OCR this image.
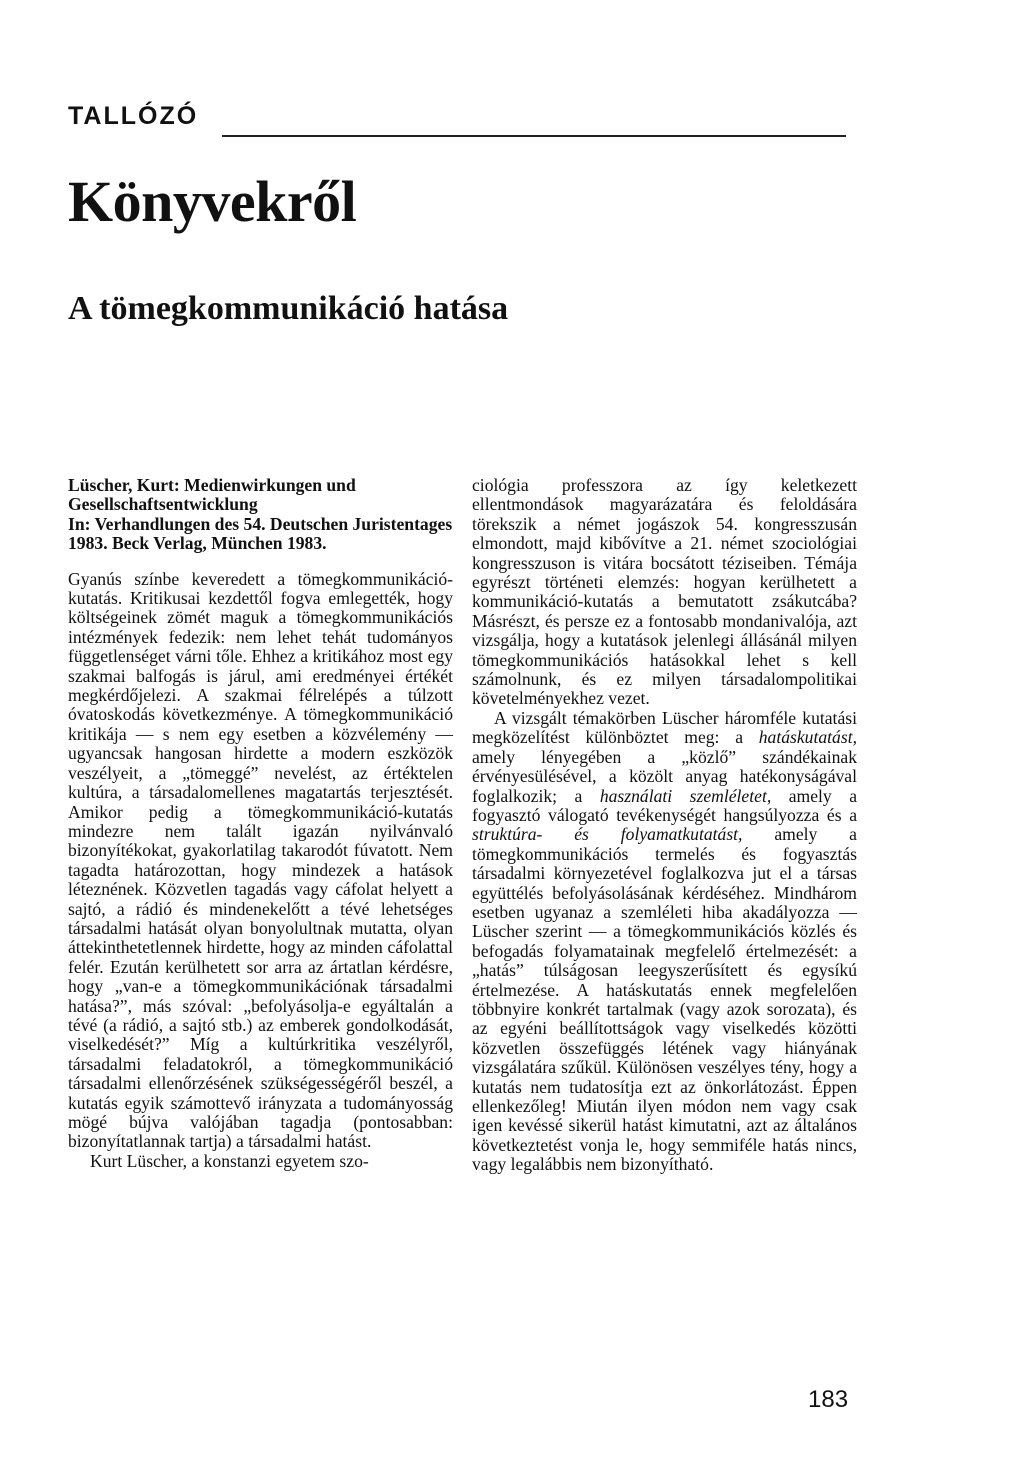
TALLÓZÓ
Könyvekről
A tömegkommunikáció hatása
Lüscher, Kurt: Medienwirkungen und Gesellschaftsentwicklung
In: Verhandlungen des 54. Deutschen Juristentages 1983. Beck Verlag, München 1983.

Gyanús színbe keveredett a tömegkommunikáció-kutatás. Kritikusai kezdettől fogva emlegették, hogy költségeinek zömét maguk a tömegkommunikációs intézmények fedezik: nem lehet tehát tudományos függetlenséget várni tőle. Ehhez a kritikához most egy szakmai balfogás is járul, ami eredményei értékét megkérdőjelezi. A szakmai félrelépés a túlzott óvatoskodás következménye. A tömegkommunikáció kritikája — s nem egy esetben a közvélemény — ugyancsak hangosan hirdette a modern eszközök veszélyeit, a „tömeggé” nevelést, az értéktelen kultúra, a társadalomellenes magatartás terjesztését. Amikor pedig a tömegkommunikáció-kutatás mindezre nem talált igazán nyilvánvaló bizonyítékokat, gyakorlatilag takarodót fúvatott. Nem tagadta határozottan, hogy mindezek a hatások léteznének. Közvetlen tagadás vagy cáfolat helyett a sajtó, a rádió és mindenekelőtt a tévé lehetséges társadalmi hatását olyan bonyolultnak mutatta, olyan áttekinthetetlennek hirdette, hogy az minden cáfolattal felér. Ezután kerülhetett sor arra az ártatlan kérdésre, hogy „van-e a tömegkommunikációnak társadalmi hatása?”, más szóval: „befolyásolja-e egyáltalán a tévé (a rádió, a sajtó stb.) az emberek gondolkodását, viselkedését?” Míg a kultúrkritika veszélyről, társadalmi feladatokról, a tömegkommunikáció társadalmi ellenőrzésének szükségességéről beszél, a kutatás egyik számottevő irányzata a tudományosság mögé bújva valójában tagadja (pontosabban: bizonyítatlannak tartja) a társadalmi hatást.

Kurt Lüscher, a konstanzi egyetem szo-

ciológia professzora az így keletkezett ellentmondások magyarázatára és feloldására törekszik a német jogászok 54. kongresszusán elmondott, majd kibővítve a 21. német szociológiai kongresszuson is vitára bocsátott téziseiben. Témája egyrészt történeti elemzés: hogyan kerülhetett a kommunikáció-kutatás a bemutatott zsákutcába? Másrészt, és persze ez a fontosabb mondanivalója, azt vizsgálja, hogy a kutatások jelenlegi állásánál milyen tömegkommunikációs hatásokkal lehet s kell számolnunk, és ez milyen társadalompolitikai követelményekhez vezet.

A vizsgált témakörben Lüscher háromféle kutatási megközelítést különböztet meg: a hatáskutatást, amely lényegében a „közlő” szándékainak érvényesülésével, a közölt anyag hatékonyságával foglalkozik; a használati szemléletet, amely a fogyasztó válogató tevékenységét hangsúlyozza és a struktúra- és folyamatkutatást, amely a tömegkommunikációs termelés és fogyasztás társadalmi környezetével foglalkozva jut el a társas együttélés befolyásolásának kérdéséhez. Mindhárom esetben ugyanaz a szemléleti hiba akadályozza — Lüscher szerint — a tömegkommunikációs közlés és befogadás folyamatainak megfelelő értelmezését: a „hatás” túlságosan leegyszerűsített és egysíkú értelmezése. A hatáskutatás ennek megfelelően többnyire konkrét tartalmak (vagy azok sorozata), és az egyéni beállítottságok vagy viselkedés közötti közvetlen összefüggés létének vagy hiányának vizsgálatára szűkül. Különösen veszélyes tény, hogy a kutatás nem tudatosítja ezt az önkorlátozást. Éppen ellenkezőleg! Miután ilyen módon nem vagy csak igen kevéssé sikerül hatást kimutatni, azt az általános következtetést vonja le, hogy semmiféle hatás nincs, vagy legalábbis nem bizonyítható.

183
